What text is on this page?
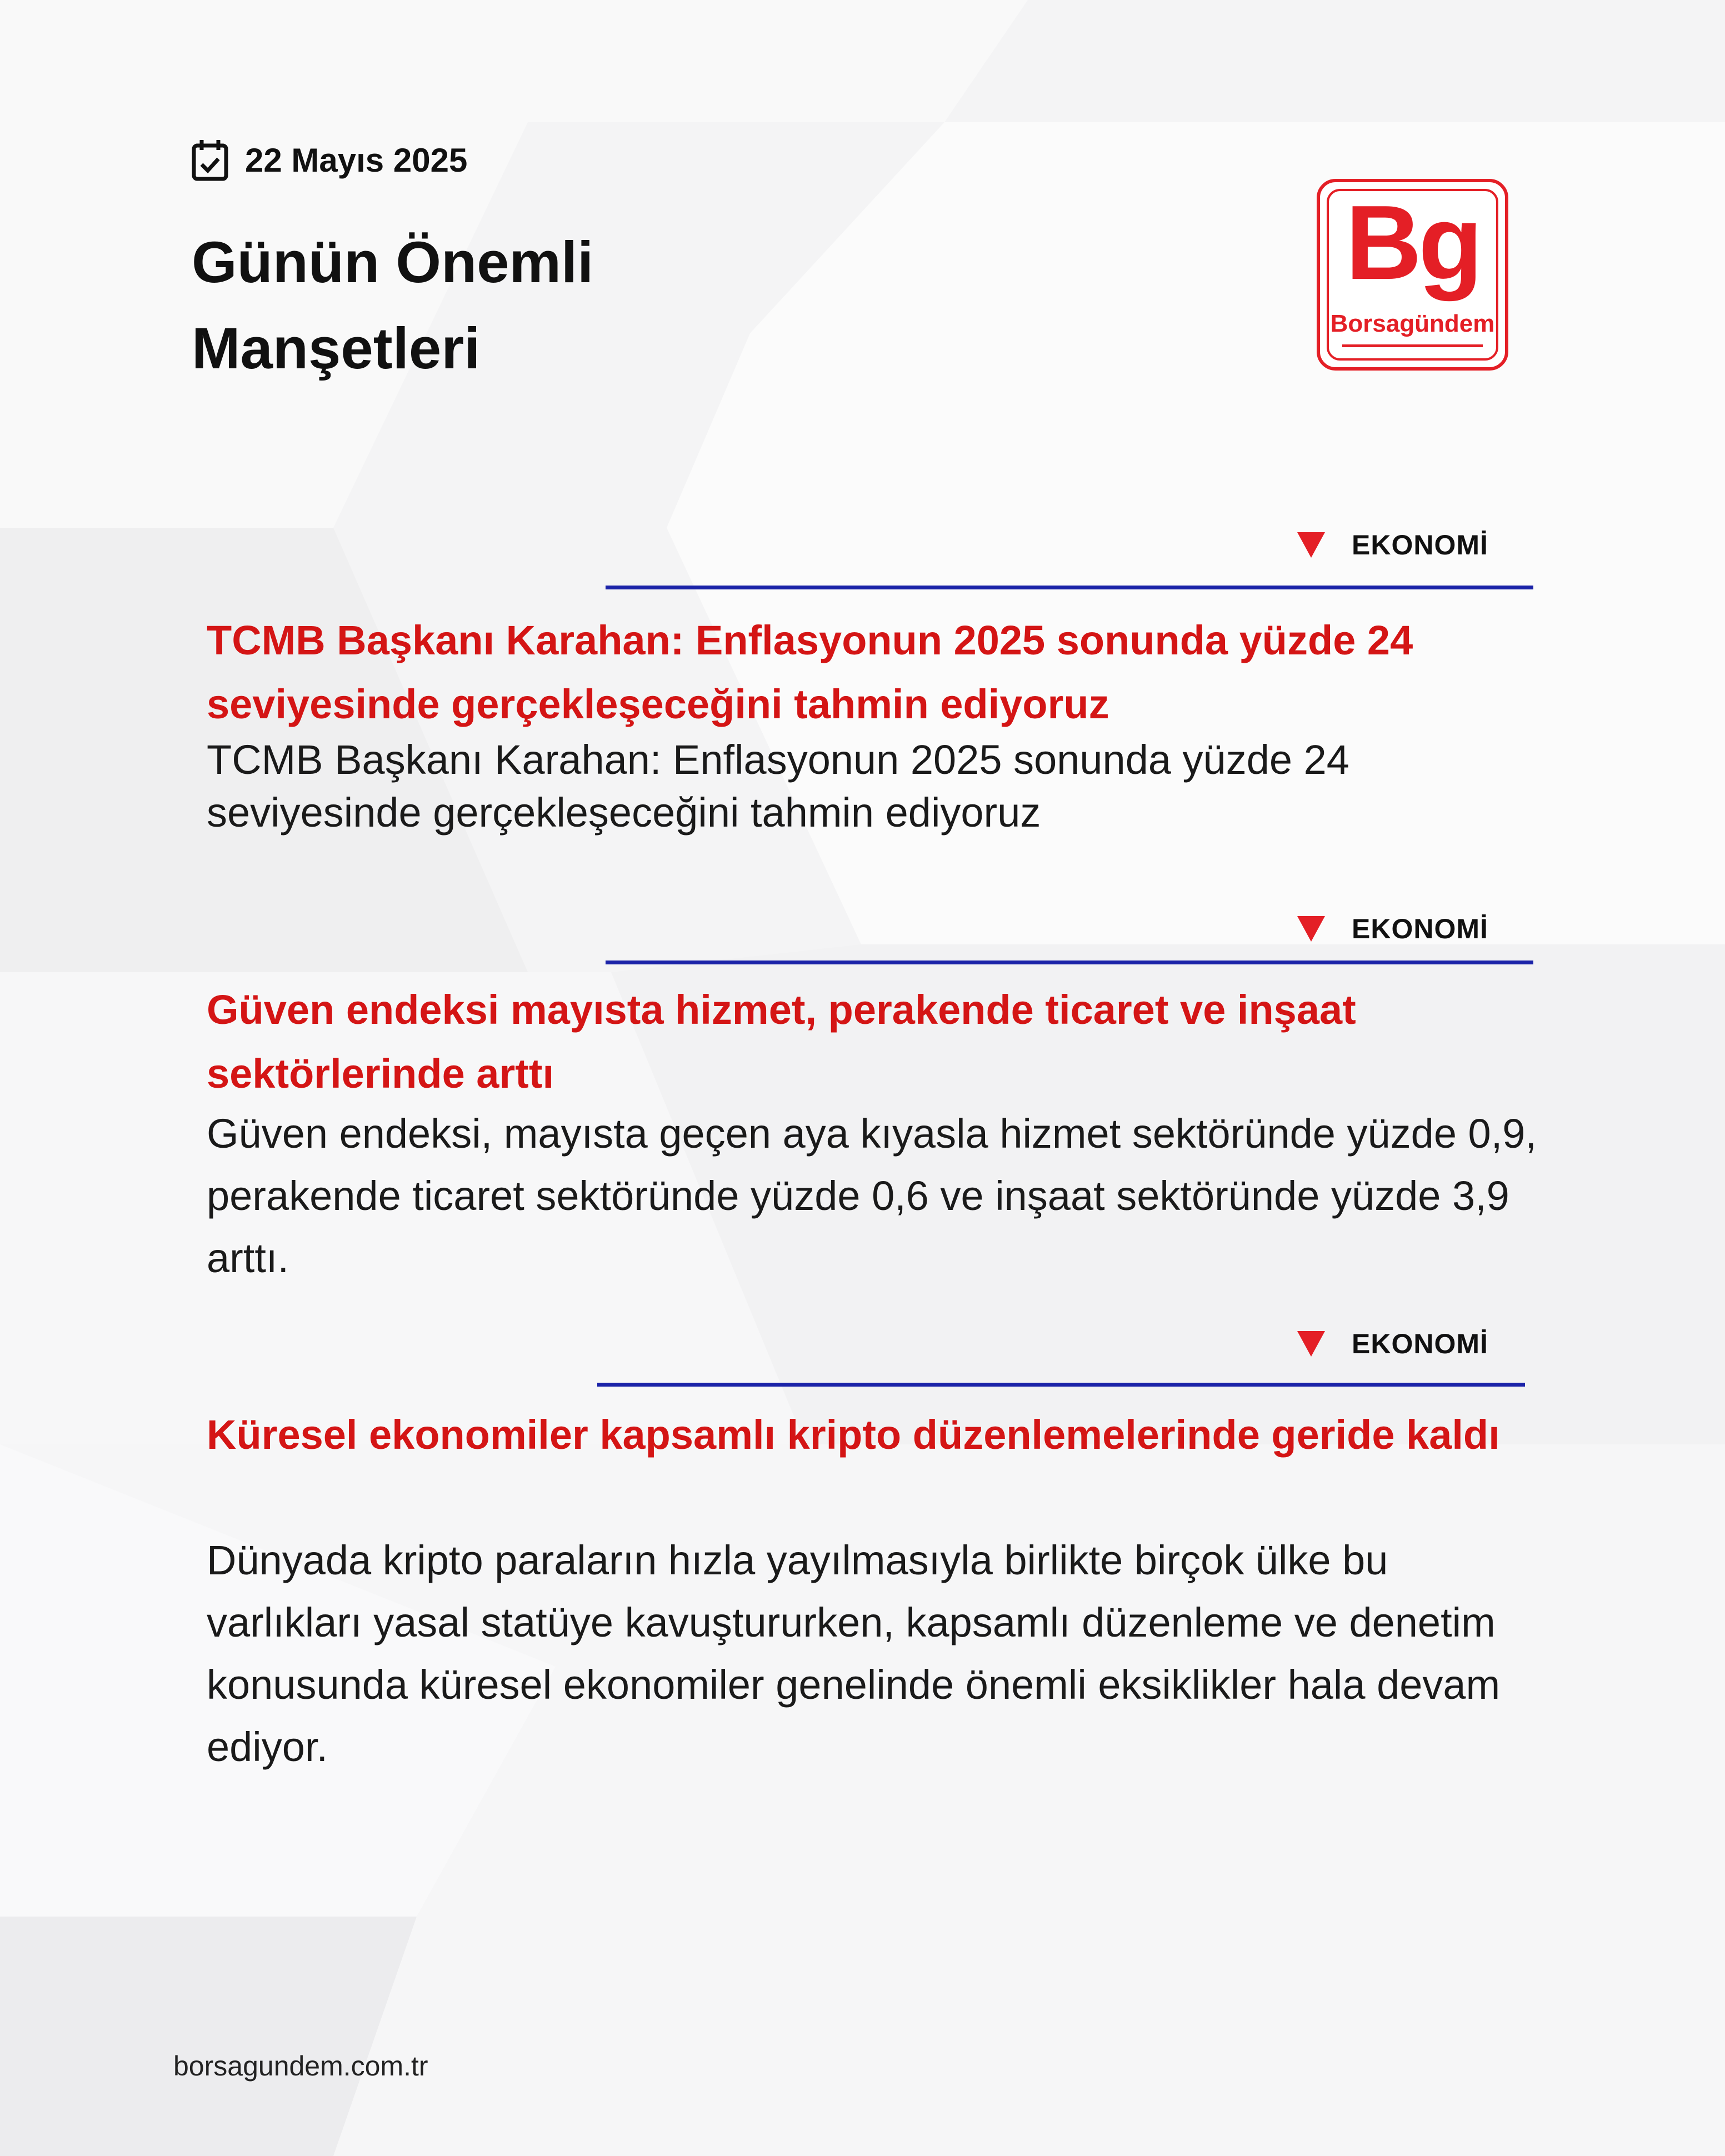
22 Mayıs 2025
Günün Önemli Manşetleri
Bg
Borsagündem
EKONOMİ
TCMB Başkanı Karahan: Enflasyonun 2025 sonunda yüzde 24 seviyesinde gerçekleşeceğini tahmin ediyoruz

TCMB Başkanı Karahan: Enflasyonun 2025 sonunda yüzde 24 seviyesinde gerçekleşeceğini tahmin ediyoruz

EKONOMİ
Güven endeksi mayısta hizmet, perakende ticaret ve inşaat sektörlerinde arttı

Güven endeksi, mayısta geçen aya kıyasla hizmet sektöründe yüzde 0,9, perakende ticaret sektöründe yüzde 0,6 ve inşaat sektöründe yüzde 3,9 arttı.

EKONOMİ
Küresel ekonomiler kapsamlı kripto düzenlemelerinde geride kaldı

Dünyada kripto paraların hızla yayılmasıyla birlikte birçok ülke bu varlıkları yasal statüye kavuştururken, kapsamlı düzenleme ve denetim konusunda küresel ekonomiler genelinde önemli eksiklikler hala devam ediyor.

borsagundem.com.tr
